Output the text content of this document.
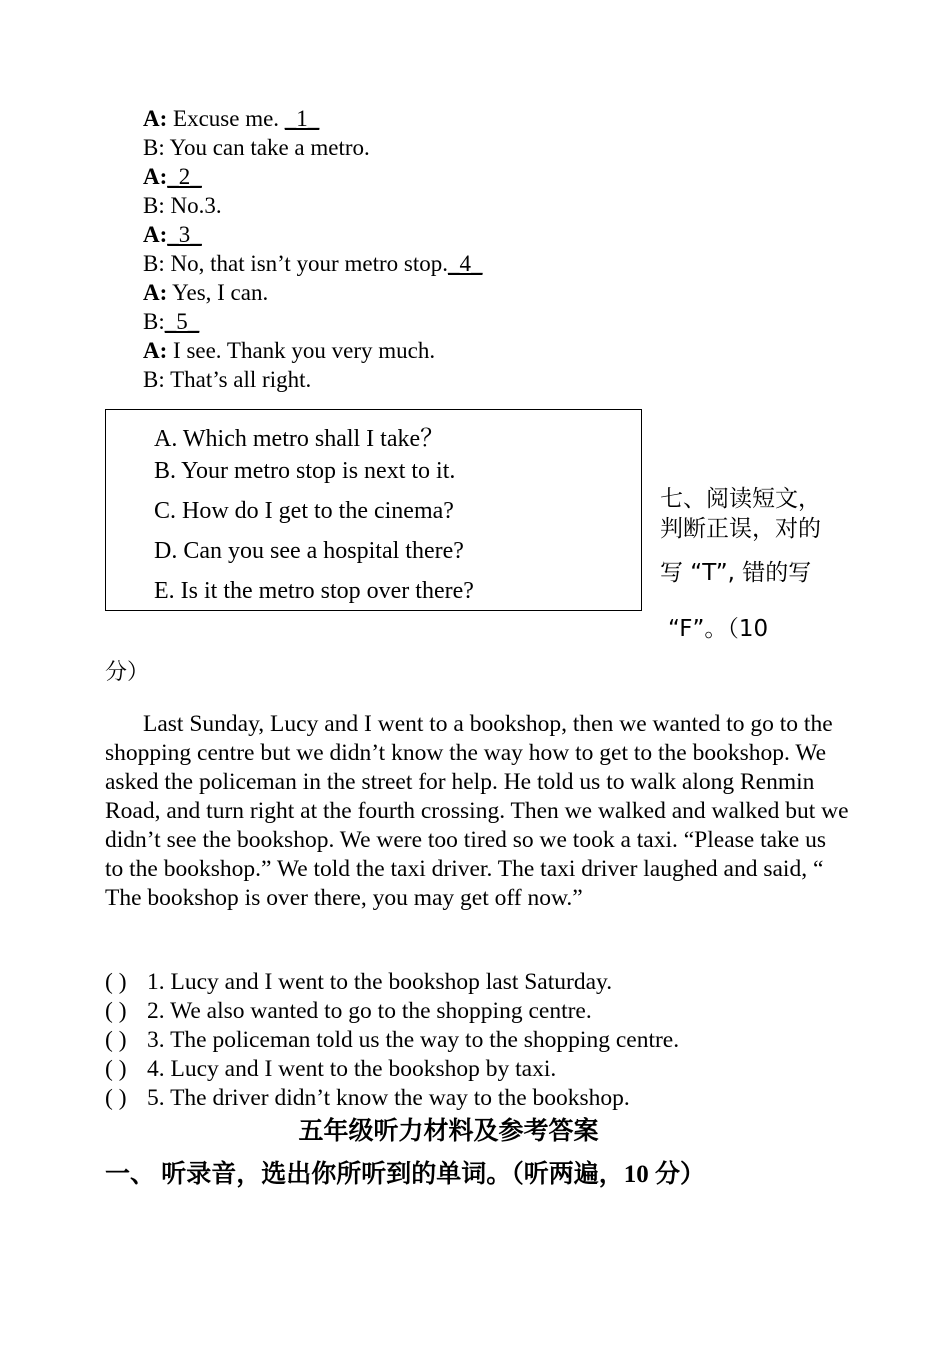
A: Excuse me. _1_
B: You can take a metro.
A:_2_
B: No.3.
A:_3_
B: No, that isn’t your metro stop._4_
A: Yes, I can.
B:_5_
A: I see. Thank you very much.
B: That’s all right.
A. Which metro shall I take？
B. Your metro stop is next to it.
C. How do I get to the cinema?
D. Can you see a hospital there?
E. Is it the metro stop over there?
七、阅读短文，
判断正误，对的
写 “T”, 错的写
“F”。（10
分）

Last Sunday, Lucy and I went to a bookshop, then we wanted to go to the shopping centre but we didn’t know the way how to get to the bookshop. We asked the policeman in the street for help. He told us to walk along Renmin Road, and turn right at the fourth crossing. Then we walked and walked but we didn’t see the bookshop. We were too tired so we took a taxi. “Please take us to the bookshop.” We told the taxi driver. The taxi driver laughed and said, “ The bookshop is over there, you may get off now.”

( ) 1. Lucy and I went to the bookshop last Saturday.
( ) 2. We also wanted to go to the shopping centre.
( ) 3. The policeman told us the way to the shopping centre.
( ) 4. Lucy and I went to the bookshop by taxi.
( ) 5. The driver didn’t know the way to the bookshop.
五年级听力材料及参考答案
一、 听录音，选出你所听到的单词。（听两遍，10 分）
